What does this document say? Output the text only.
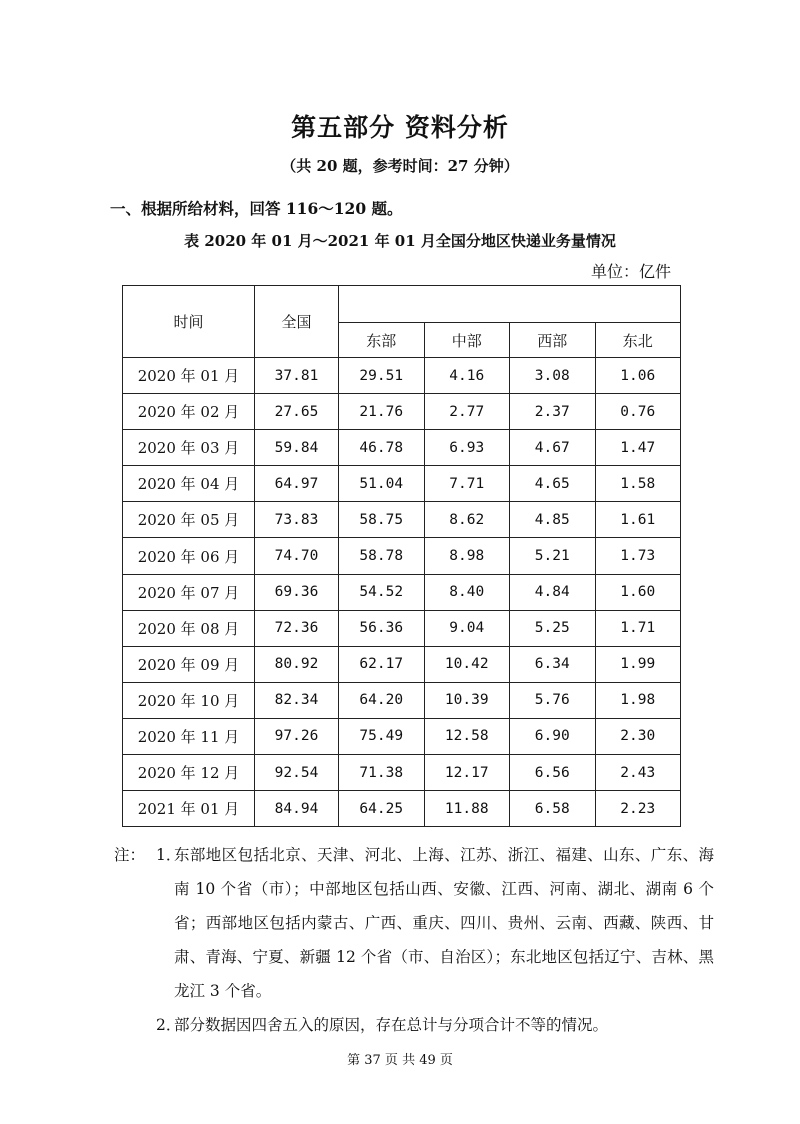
第五部分 资料分析
（共 20 题，参考时间：27 分钟）
一、根据所给材料，回答 116～120 题。
表 2020 年 01 月～2021 年 01 月全国分地区快递业务量情况
单位：亿件
时间	全国				
		东部	中部	西部	东北
2020 年 01 月	37.81	29.51	4.16	3.08	1.06
2020 年 02 月	27.65	21.76	2.77	2.37	0.76
2020 年 03 月	59.84	46.78	6.93	4.67	1.47
2020 年 04 月	64.97	51.04	7.71	4.65	1.58
2020 年 05 月	73.83	58.75	8.62	4.85	1.61
2020 年 06 月	74.70	58.78	8.98	5.21	1.73
2020 年 07 月	69.36	54.52	8.40	4.84	1.60
2020 年 08 月	72.36	56.36	9.04	5.25	1.71
2020 年 09 月	80.92	62.17	10.42	6.34	1.99
2020 年 10 月	82.34	64.20	10.39	5.76	1.98
2020 年 11 月	97.26	75.49	12.58	6.90	2.30
2020 年 12 月	92.54	71.38	12.17	6.56	2.43
2021 年 01 月	84.94	64.25	11.88	6.58	2.23
注： 1．
东部地区包括北京、天津、河北、上海、江苏、浙江、福建、山东、广东、海南 10 个省（市）；中部地区包括山西、安徽、江西、河南、湖北、湖南 6 个省；西部地区包括内蒙古、广西、重庆、四川、贵州、云南、西藏、陕西、甘肃、青海、宁夏、新疆 12 个省（市、自治区）；东北地区包括辽宁、吉林、黑龙江 3 个省。
2．
部分数据因四舍五入的原因，存在总计与分项合计不等的情况。
第 37 页 共 49 页
